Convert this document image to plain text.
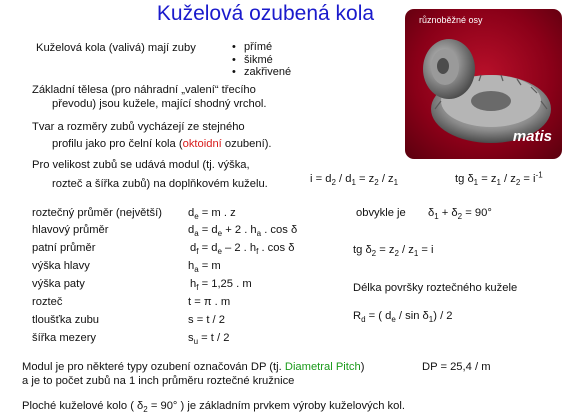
Kuželová ozubená kola
Kuželová kola (valivá) mají zuby
•	přímé
• šikmé
• zakřivené
různoběžné osy
matis
Základní tělesa (pro náhradní „valení“ třecího
převodu) jsou kužele, mající shodný vrchol.
Tvar a rozměry zubů vycházejí ze stejného
profilu jako pro čelní kola (oktoidní ozubení).
Pro velikost zubů se udává modul (tj. výška,
rozteč a šířka zubů) na doplňkovém kuželu.	$i = d_2 / d_1 = z_2 / z_1$	tg $\delta_1 = z_1 / z_2 = i^{-1}$
roztečný průměr (největší)
hlavový průměr
patní průměr
výška hlavy
výška paty
rozteč
tloušťka zubu
šířka mezery
$d_e = m$ . z
$d_a = d_e + 2$ . $h_a$ . cos δ
$d_f = d_e - 2$ . $h_f$ . cos δ
$h_a = m$
$h_f = 1,25$ . m
t = π . m
s = t / 2
$s_u = t / 2$
obvykle je $\delta_1 + \delta_2 = 90^\circ$
tg $\delta_2 = z_2 / z_1 = i$
Délka površky roztečného kužele
$R_d$ = ( $d_e$ / $\sin \delta_1) / 2$
Modul je pro některé typy ozubení označován DP (tj. Diametral Pitch)
a je to počet zubů na 1 inch průměru roztečné kružnice
DP = 25,4 / m
Ploché kuželové kolo ( $\delta_2 = 90^\circ$ ) je základním prvkem výroby kuželových kol.
